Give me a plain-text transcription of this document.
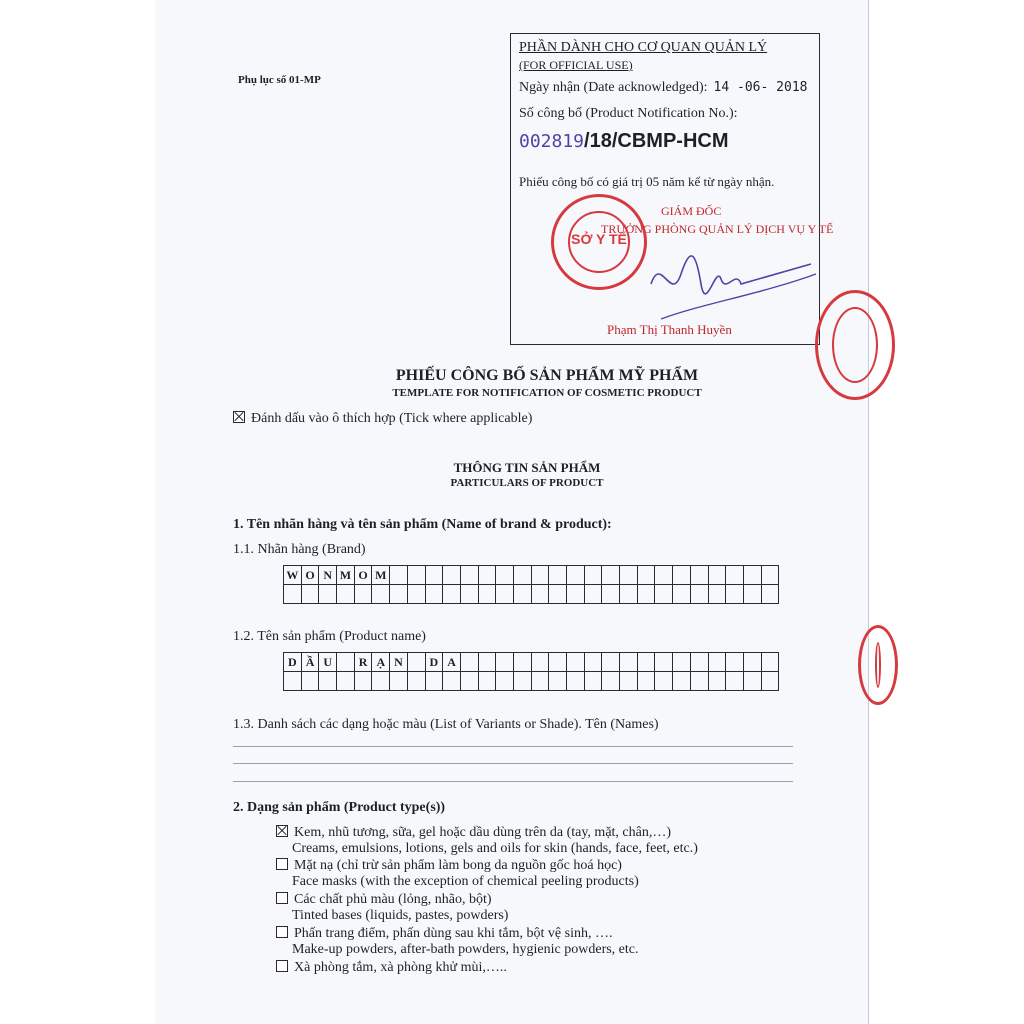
Phụ lục số 01-MP
PHẦN DÀNH CHO CƠ QUAN QUẢN LÝ
(FOR OFFICIAL USE)
Ngày nhận (Date acknowledged): 14 -06- 2018
Số công bố (Product Notification No.):
002819/18/CBMP-HCM
Phiếu công bố có giá trị 05 năm kể từ ngày nhận.
GIÁM ĐỐC
TRƯỞNG PHÒNG QUẢN LÝ DỊCH VỤ Y TẾ
Phạm Thị Thanh Huyền
SỞ Y TẾ
PHIẾU CÔNG BỐ SẢN PHẨM MỸ PHẨM
TEMPLATE FOR NOTIFICATION OF COSMETIC PRODUCT
Đánh dấu vào ô thích hợp (Tick where applicable)
THÔNG TIN SẢN PHẨM
PARTICULARS OF PRODUCT
1. Tên nhãn hàng và tên sản phẩm (Name of brand & product):
1.1. Nhãn hàng (Brand)
W	O	N	M	O	M																						

1.2. Tên sản phẩm (Product name)
D	Ầ	U		R	Ạ	N		D	A																		

1.3. Danh sách các dạng hoặc màu (List of Variants or Shade). Tên (Names)
2. Dạng sản phẩm (Product type(s))
Kem, nhũ tương, sữa, gel hoặc dầu dùng trên da (tay, mặt, chân,…)
Creams, emulsions, lotions, gels and oils for skin (hands, face, feet, etc.)
Mặt nạ (chỉ trừ sản phẩm làm bong da nguồn gốc hoá học)
Face masks (with the exception of chemical peeling products)
Các chất phủ màu (lỏng, nhão, bột)
Tinted bases (liquids, pastes, powders)
Phấn trang điểm, phấn dùng sau khi tắm, bột vệ sinh, ….
Make-up powders, after-bath powders, hygienic powders, etc.
Xà phòng tắm, xà phòng khử mùi,…..
